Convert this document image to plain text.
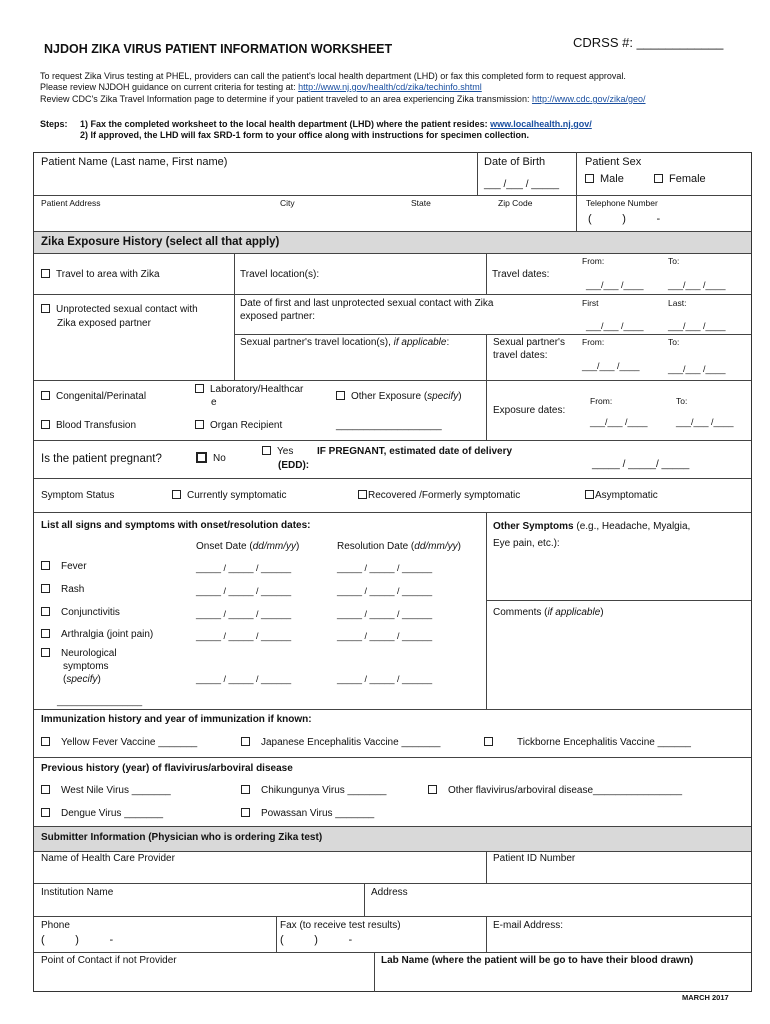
NJDOH ZIKA VIRUS PATIENT INFORMATION WORKSHEET	CDRSS #: ____________
To request Zika Virus testing at PHEL, providers can call the patient's local health department (LHD) or fax this completed form to request approval.
Please review NJDOH guidance on current criteria for testing at: http://www.nj.gov/health/cd/zika/techinfo.shtml
Review CDC's Zika Travel Information page to determine if your patient traveled to an area experiencing Zika transmission: http://www.cdc.gov/zika/geo/
Steps: 1) Fax the completed worksheet to the local health department (LHD) where the patient resides: www.localhealth.nj.gov/
2) If approved, the LHD will fax SRD-1 form to your office along with instructions for specimen collection.
Patient Name (Last name, First name)	Date of Birth
___ /___ / _____
Patient Sex
Male	Female
Patient Address	City	State	Zip Code	Telephone Number
(          )          -
Zika Exposure History (select all that apply)
Travel to area with Zika	Travel location(s):	Travel dates:
From:	To:
___/___ /____	___/___ /____
Unprotected sexual contact with
Zika exposed partner
Date of first and last unprotected sexual contact with Zika
exposed partner:
First	Last:
___/___ /____	___/___ /____
Sexual partner's travel location(s), if applicable:	Sexual partner's
travel dates:
From:	To:
___/___ /____	___/___ /____
Congenital/Perinatal
Laboratory/Healthcar
e
Other Exposure (specify)
Blood Transfusion	Organ Recipient	___________________
Exposure dates:
From:	To:
___/___ /____	___/___ /____
Is the patient pregnant?	No
Yes IF PREGNANT, estimated date of delivery
(EDD):	_____ / _____/ _____
Symptom Status	Currently symptomatic	Recovered /Formerly symptomatic	Asymptomatic
List all signs and symptoms with onset/resolution dates:
Onset Date (dd/mm/yy)	Resolution Date (dd/mm/yy)
Fever	_____ / _____ / ______	_____ / _____ / ______
Rash	_____ / _____ / ______	_____ / _____ / ______
Conjunctivitis	_____ / _____ / ______	_____ / _____ / ______
Arthralgia (joint pain)	_____ / _____ / ______	_____ / _____ / ______
Neurological
symptoms
(specify)	_____ / _____ / ______	_____ / _____ / ______
_________________
Other Symptoms (e.g., Headache, Myalgia,
Eye pain, etc.):
Comments (if applicable)
Immunization history and year of immunization if known:
Yellow Fever Vaccine _______	Japanese Encephalitis Vaccine _______	Tickborne Encephalitis Vaccine ______
Previous history (year) of flavivirus/arboviral disease
West Nile Virus _______	Chikungunya Virus _______	Other flavivirus/arboviral disease________________
Dengue Virus _______	Powassan Virus _______
Submitter Information (Physician who is ordering Zika test)
Name of Health Care Provider	Patient ID Number
Institution Name	Address
Phone
(          )          -
Fax (to receive test results)
(          )          -
E-mail Address:
Point of Contact if not Provider	Lab Name (where the patient will be go to have their blood drawn)
MARCH 2017
